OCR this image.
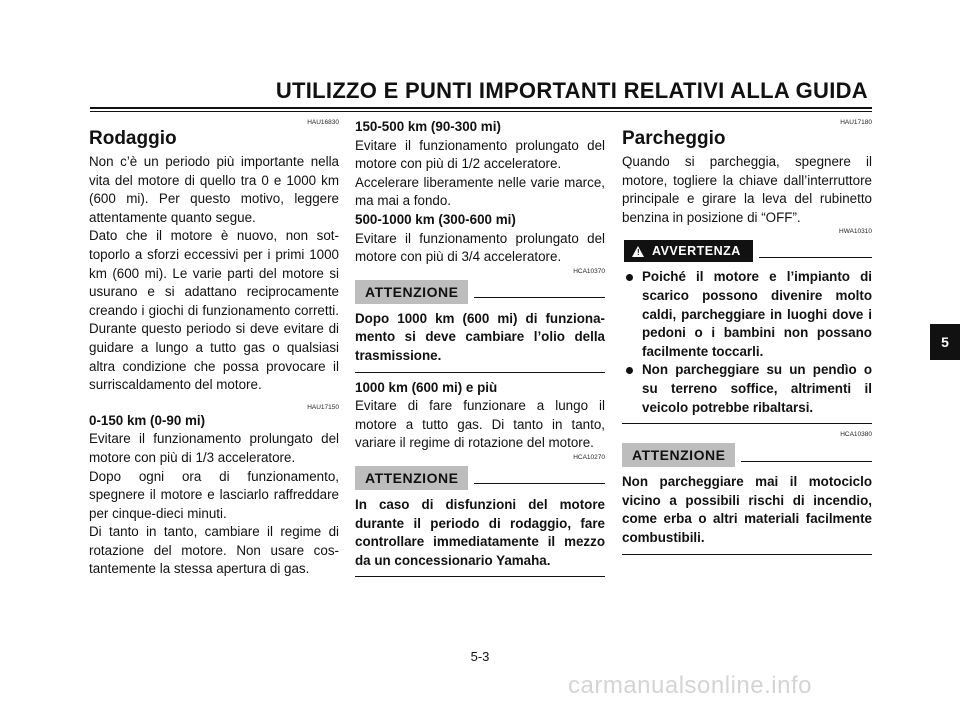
UTILIZZO E PUNTI IMPORTANTI RELATIVI ALLA GUIDA
5
HAU16830
Rodaggio

Non c’è un periodo più importante nella vita del motore di quello tra 0 e 1000 km (600 mi). Per questo motivo, leggere attentamente quanto segue.

Dato che il motore è nuovo, non sottoporlo a sforzi eccessivi per i primi 1000 km (600 mi). Le varie parti del motore si usurano e si adattano reciprocamente creando i giochi di funzionamento corretti. Durante questo periodo si deve evitare di guidare a lungo a tutto gas o qualsiasi altra condizione che possa provocare il surriscaldamento del motore.

HAU17150
0-150 km (0-90 mi)

Evitare il funzionamento prolungato del motore con più di 1/3 acceleratore.

Dopo ogni ora di funzionamento, spegnere il motore e lasciarlo raffreddare per cinque-dieci minuti.

Di tanto in tanto, cambiare il regime di rotazione del motore. Non usare costantemente la stessa apertura di gas.

150-500 km (90-300 mi)

Evitare il funzionamento prolungato del motore con più di 1/2 acceleratore.

Accelerare liberamente nelle varie marce, ma mai a fondo.

500-1000 km (300-600 mi)

Evitare il funzionamento prolungato del motore con più di 3/4 acceleratore.

HCA10370
ATTENZIONE

Dopo 1000 km (600 mi) di funzionamento si deve cambiare l’olio della trasmissione.

1000 km (600 mi) e più

Evitare di fare funzionare a lungo il motore a tutto gas. Di tanto in tanto, variare il regime di rotazione del motore.

HCA10270
ATTENZIONE

In caso di disfunzioni del motore durante il periodo di rodaggio, fare controllare immediatamente il mezzo da un concessionario Yamaha.

HAU17180
Parcheggio

Quando si parcheggia, spegnere il motore, togliere la chiave dall’interruttore principale e girare la leva del rubinetto benzina in posizione di “OFF”.

HWA10310
! AVVERTENZA
Poiché il motore e l’impianto di scarico possono divenire molto caldi, parcheggiare in luoghi dove i pedoni o i bambini non possano facilmente toccarli.
Non parcheggiare su un pendìo o su terreno soffice, altrimenti il veicolo potrebbe ribaltarsi.
HCA10380
ATTENZIONE

Non parcheggiare mai il motociclo vicino a possibili rischi di incendio, come erba o altri materiali facilmente combustibili.

5-3
carmanualsonline.info
